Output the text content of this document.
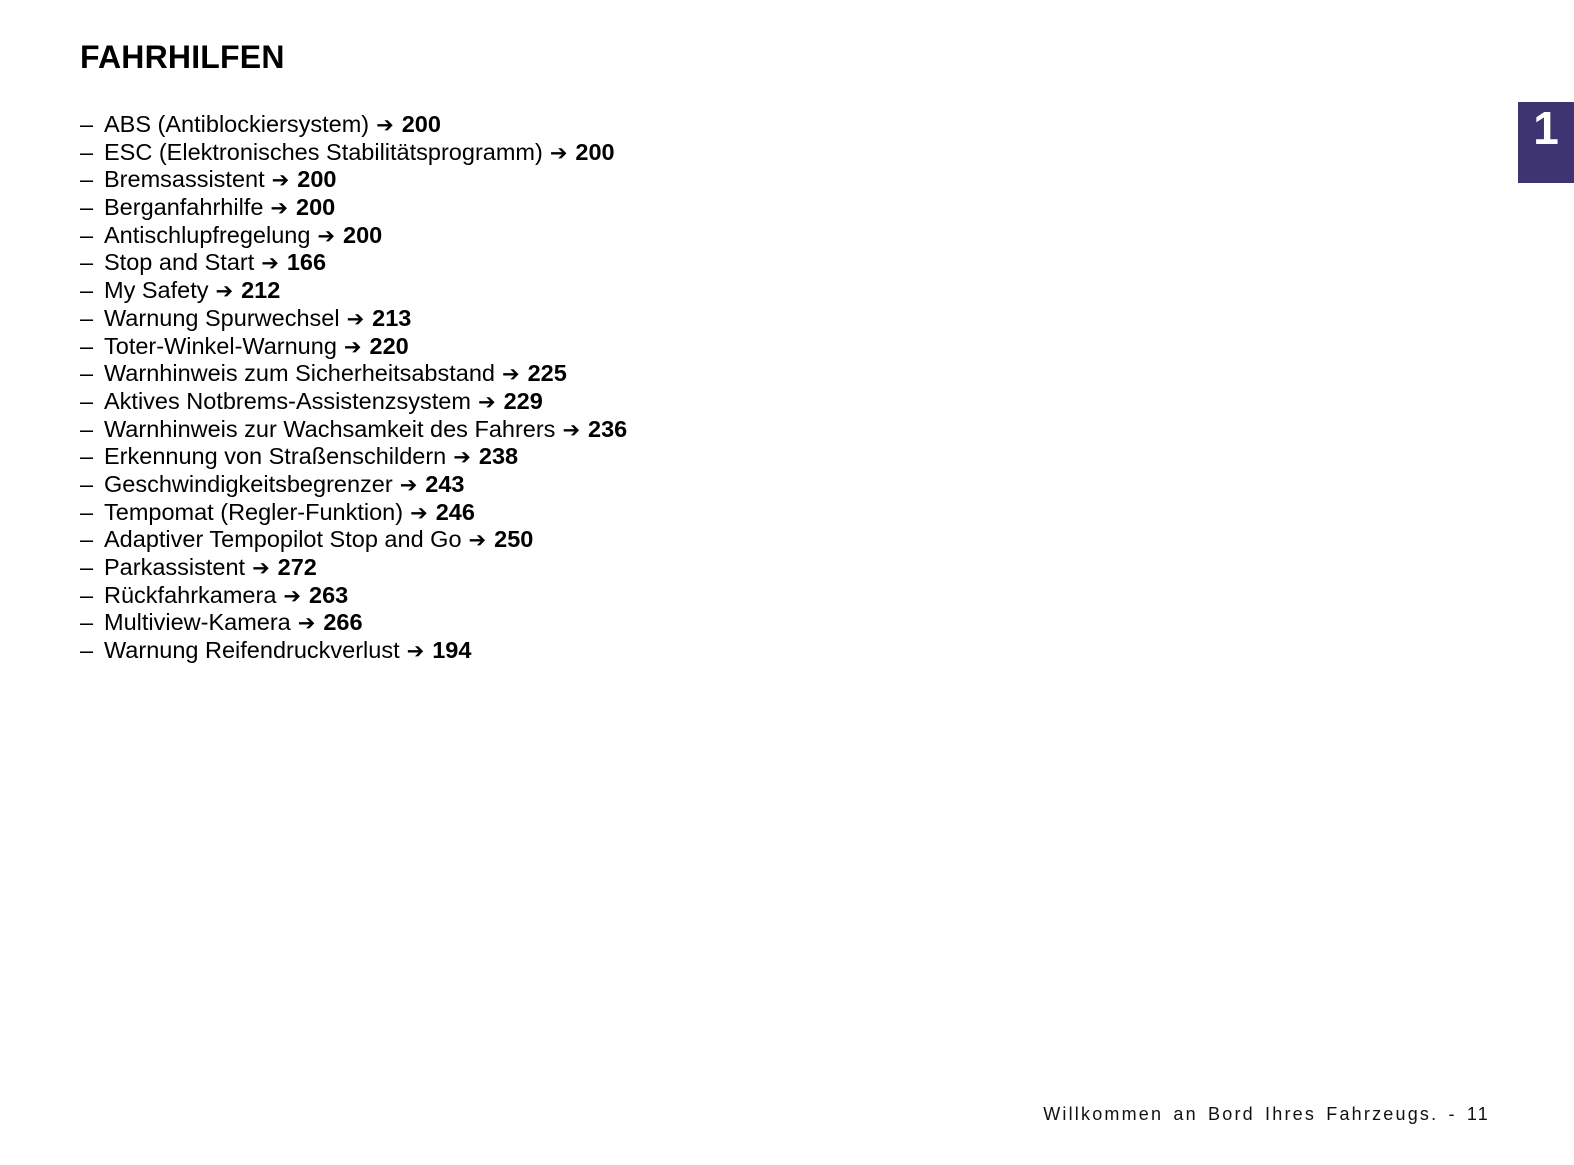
FAHRHILFEN
1
– ABS (Antiblockiersystem) ➔ 200
– ESC (Elektronisches Stabilitätsprogramm) ➔ 200
– Bremsassistent ➔ 200
– Berganfahrhilfe ➔ 200
– Antischlupfregelung ➔ 200
– Stop and Start ➔ 166
– My Safety ➔ 212
– Warnung Spurwechsel ➔ 213
– Toter-Winkel-Warnung ➔ 220
– Warnhinweis zum Sicherheitsabstand ➔ 225
– Aktives Notbrems-Assistenzsystem ➔ 229
– Warnhinweis zur Wachsamkeit des Fahrers ➔ 236
– Erkennung von Straßenschildern ➔ 238
– Geschwindigkeitsbegrenzer ➔ 243
– Tempomat (Regler-Funktion) ➔ 246
– Adaptiver Tempopilot Stop and Go ➔ 250
– Parkassistent ➔ 272
– Rückfahrkamera ➔ 263
– Multiview-Kamera ➔ 266
– Warnung Reifendruckverlust ➔ 194
Willkommen an Bord Ihres Fahrzeugs. - 11
